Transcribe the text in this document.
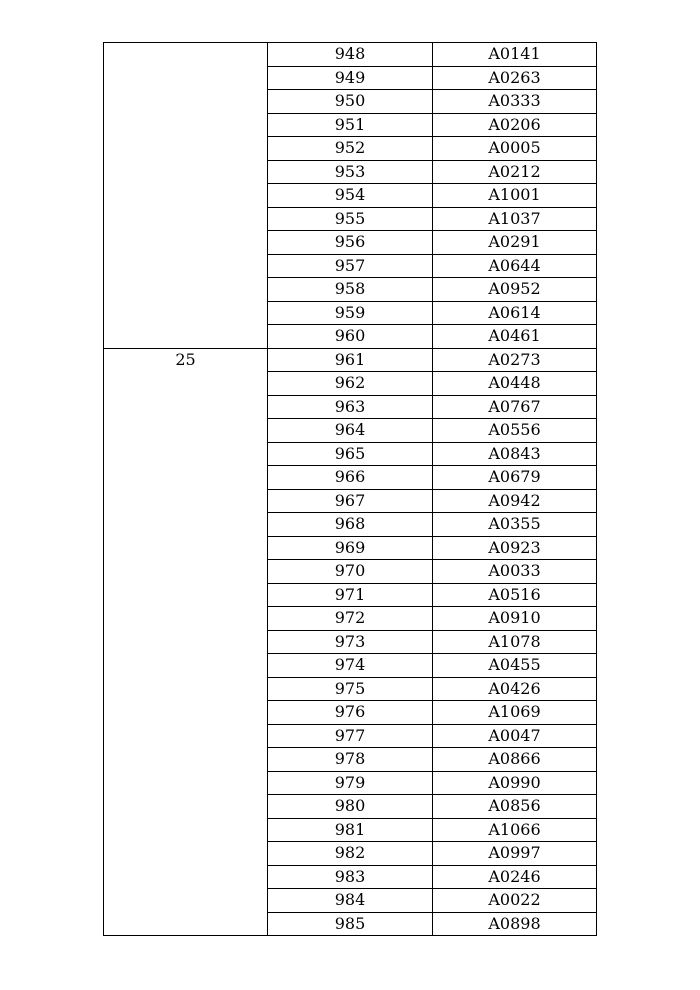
	948	A0141
	949	A0263
	950	A0333
	951	A0206
	952	A0005
	953	A0212
	954	A1001
	955	A1037
	956	A0291
	957	A0644
	958	A0952
	959	A0614
	960	A0461
25	961	A0273
	962	A0448
	963	A0767
	964	A0556
	965	A0843
	966	A0679
	967	A0942
	968	A0355
	969	A0923
	970	A0033
	971	A0516
	972	A0910
	973	A1078
	974	A0455
	975	A0426
	976	A1069
	977	A0047
	978	A0866
	979	A0990
	980	A0856
	981	A1066
	982	A0997
	983	A0246
	984	A0022
	985	A0898
